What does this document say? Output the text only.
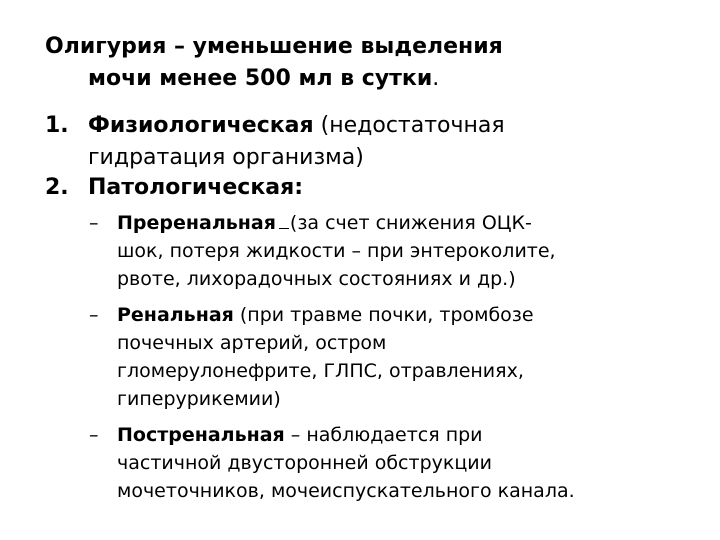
Олигурия – уменьшение выделения
мочи менее 500 мл в сутки.
1. Физиологическая (недостаточная
гидратация организма)
2. Патологическая:
– Преренальная (за счет снижения ОЦК-
шок, потеря жидкости – при энтероколите,
рвоте, лихорадочных состояниях и др.)
– Ренальная (при травме почки, тромбозе
почечных артерий, остром
гломерулонефрите, ГЛПС, отравлениях,
гиперурикемии)
– Постренальная – наблюдается при
частичной двусторонней обструкции
мочеточников, мочеиспускательного канала.
